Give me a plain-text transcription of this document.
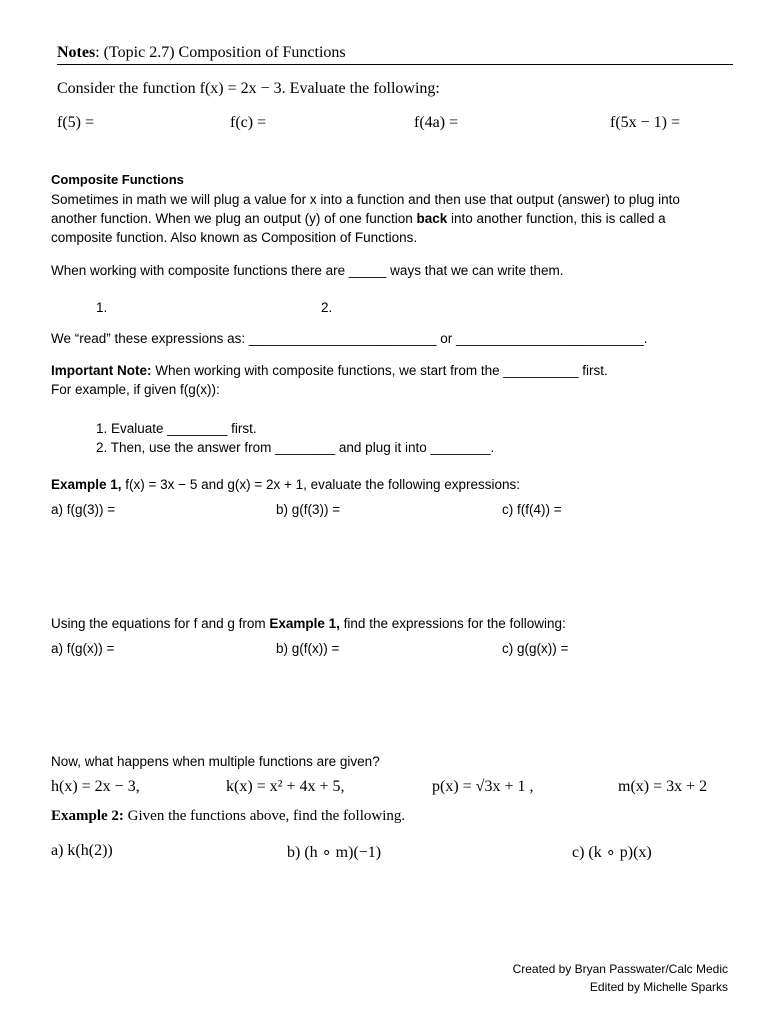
Notes: (Topic 2.7) Composition of Functions
Consider the function f(x) = 2x − 3. Evaluate the following:
f(5) =	f(c) =	f(4a) =	f(5x − 1) =
Composite Functions
Sometimes in math we will plug a value for x into a function and then use that output (answer) to plug into
another function. When we plug an output (y) of one function back into another function, this is called a
composite function. Also known as Composition of Functions.
When working with composite functions there are _____ ways that we can write them.
1.	2.
We “read” these expressions as: _________________________ or _________________________.
Important Note: When working with composite functions, we start from the __________ first.
For example, if given f(g(x)):
1. Evaluate ________ first.
2. Then, use the answer from ________ and plug it into ________.
Example 1, f(x) = 3x − 5 and g(x) = 2x + 1, evaluate the following expressions:
a) f(g(3)) =	b) g(f(3)) =	c) f(f(4)) =
Using the equations for f and g from Example 1, find the expressions for the following:
a) f(g(x)) =	b) g(f(x)) =	c) g(g(x)) =
Now, what happens when multiple functions are given?
h(x) = 2x − 3,	k(x) = x² + 4x + 5,	p(x) = √3x + 1 ,	m(x) = 3x + 2
Example 2: Given the functions above, find the following.
a) k(h(2))	b) (h ∘ m)(−1)	c) (k ∘ p)(x)
Created by Bryan Passwater/Calc Medic
Edited by Michelle Sparks
